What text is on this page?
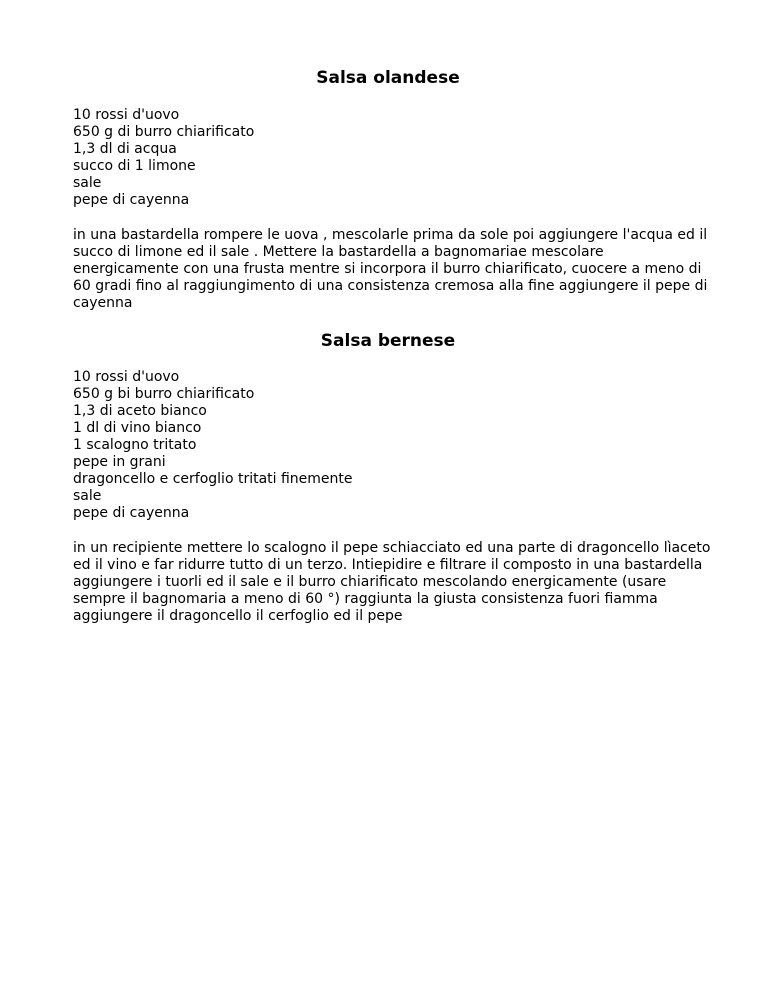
Salsa olandese
10 rossi d'uovo
650 g di burro chiarificato
1,3 dl di acqua
succo di 1 limone
sale
pepe di cayenna

in una bastardella rompere le uova , mescolarle prima da sole poi aggiungere l'acqua ed il
succo di limone ed il sale . Mettere la bastardella a bagnomariae mescolare
energicamente con una frusta mentre si incorpora il burro chiarificato, cuocere a meno di
60 gradi fino al raggiungimento di una consistenza cremosa alla fine aggiungere il pepe di
cayenna

Salsa bernese
10 rossi d'uovo
650 g bi burro chiarificato
1,3 di aceto bianco
1 dl di vino bianco
1 scalogno tritato
pepe in grani
dragoncello e cerfoglio tritati finemente
sale
pepe di cayenna

in un recipiente mettere lo scalogno il pepe schiacciato ed una parte di dragoncello lìaceto
ed il vino e far ridurre tutto di un terzo. Intiepidire e filtrare il composto in una bastardella
aggiungere i tuorli ed il sale e il burro chiarificato mescolando energicamente (usare
sempre il bagnomaria a meno di 60 °) raggiunta la giusta consistenza fuori fiamma
aggiungere il dragoncello il cerfoglio ed il pepe
